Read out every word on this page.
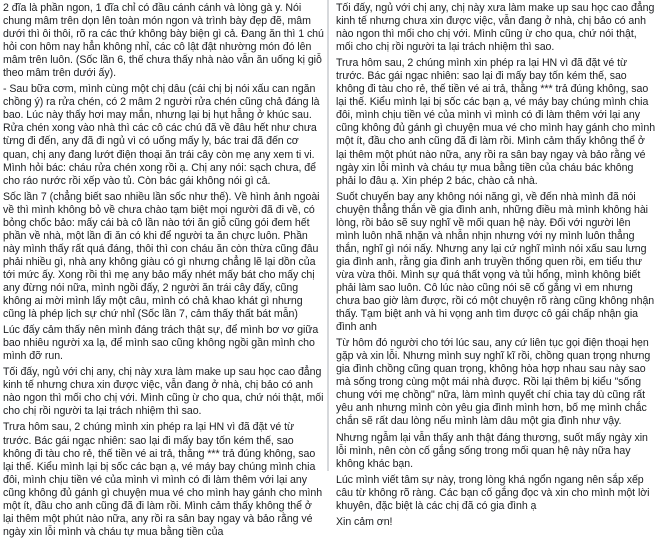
2 đĩa là phần ngon, 1 đĩa chỉ có đầu cánh cánh và lòng gà y. Nói chung mâm trên dọn lên toàn món ngon và trình bày đẹp đẽ, mâm dưới thì ôi thôi, rõ ra các thứ không bày biện gì cả. Đang ăn thì 1 chú hỏi con hôm nay hẳn không nhỉ, các cô lật đật nhường món đó lên mâm trên luôn. (Sốc lần 6, thế chưa thấy nhà nào vẫn ăn uống kị giỗ theo mâm trên dưới ấy).

- Sau bữa cơm, mình cùng một chị dâu (cái chị bị nói xấu can ngăn chồng ý) ra rửa chén, có 2 mâm 2 người rửa chén cũng chả đáng là bao. Lúc này thấy hơi may mắn, nhưng lại bị hụt hẫng ở khúc sau. Rửa chén xong vào nhà thì các cô các chú đã về đâu hết như chưa từng đi đến, any đã đi ngủ vì có uống mấy ly, bác trai đã đến cơ quan, chị any đang lướt điện thoại ăn trái cây còn mẹ any xem ti vi. Mình hỏi bác: cháu rửa chén xong rồi ạ. Chị any nói: sạch chưa, để cho ráo nước rồi xếp vào tủ. Còn bác gái không nói gì cả.

Sốc lần 7 (chẳng biết sao nhiều lần sốc như thế). Về hình ảnh ngoài về thì mình không bỏ về chưa chào tạm biệt mọi người đã đi về, có bỏng chốc bảo: mấy cái bà cô lần nào tới ăn giỗ cũng gói đem hết phần về nhà, một lần đi ăn có khi để người ta ăn chực luôn. Phần này mình thấy rất quá đáng, thôi thì con cháu ăn còn thừa cũng đâu phải nhiều gì, nhà any không giàu có gì nhưng chẳng lẽ lại dồn của tới mức ấy. Xong rồi thì mẹ any bảo mấy nhét mấy bát cho mấy chị any đừng nói nữa, mình ngồi đấy, 2 người ăn trái cây đấy, cũng không ai mời mình lấy một câu, mình có chả khao khát gì nhưng cũng là phép lịch sự chứ nhỉ (Sốc lần 7, cảm thấy thất bát mẫn)

Lúc đấy cảm thấy nên mình đáng trách thật sự, để mình bơ vơ giữa bao nhiêu người xa lạ, để mình sao cũng không ngồi gần mình cho mình đỡ run.

Tối đấy, ngủ với chị any, chị này xưa làm make up sau học cao đẳng kinh tế nhưng chưa xin được việc, vẫn đang ở nhà, chị bảo có anh nào ngon thì mối cho chị với. Mình cũng ừ cho qua, chứ nói thật, mối cho chị rồi người ta lại trách nhiệm thì sao.

Trưa hôm sau, 2 chúng mình xin phép ra lại HN vì đã đặt vé từ trước. Bác gái ngạc nhiên: sao lại đi mấy bay tốn kém thế, sao không đi tàu cho rẻ, thế tiền vé ai trả, thằng *** trả đúng không, sao lại thế. Kiểu mình lại bị sốc các bạn ạ, vé máy bay chúng mình chia đôi, mình chịu tiền vé của mình vì mình có đi làm thêm với lại any cũng không đủ gánh gì chuyện mua vé cho mình hay gánh cho mình một ít, đầu cho anh cũng đã đi làm rồi. Mình cảm thấy không thể ở lại thêm một phút nào nữa, any rồi ra sân bay ngay và bảo rằng vé ngày xin lỗi mình và cháu tự mua bằng tiền của

Tối đấy, ngủ với chị any, chị này xưa làm make up sau học cao đẳng kinh tế nhưng chưa xin được việc, vẫn đang ở nhà, chị bảo có anh nào ngon thì mối cho chị với. Mình cũng ừ cho qua, chứ nói thật, mối cho chị rồi người ta lại trách nhiệm thì sao.

Trưa hôm sau, 2 chúng mình xin phép ra lại HN vì đã đặt vé từ trước. Bác gái ngạc nhiên: sao lại đi mấy bay tốn kém thế, sao không đi tàu cho rẻ, thế tiền vé ai trả, thằng *** trả đúng không, sao lại thế. Kiểu mình lại bị sốc các bạn ạ, vé máy bay chúng mình chia đôi, mình chịu tiền vé của mình vì mình có đi làm thêm với lại any cũng không đủ gánh gì chuyện mua vé cho mình hay gánh cho mình một ít, đầu cho anh cũng đã đi làm rồi. Mình cảm thấy không thể ở lại thêm một phút nào nữa, any rồi ra sân bay ngay và bảo rằng vé ngày xin lỗi mình và cháu tự mua bằng tiền của cháu bác không phải lo đâu ạ. Xin phép 2 bác, chào cả nhà.

Suốt chuyến bay any không nói năng gì, về đến nhà mình đã nói chuyện thẳng thắn về gia đình anh, những điều mà mình không hài lòng, rồi bảo sẽ suy nghĩ về mối quan hệ này. Đối với người lên mình luôn nhã nhặn và nhẫn nhịn nhưng với ny mình luôn thẳng thắn, nghĩ gì nói nấy. Nhưng any lại cứ nghĩ mình nói xấu sau lưng gia đình anh, rằng gia đình anh truyền thống quen rồi, em tiểu thư vừa vừa thôi. Mình sự quá thất vọng và tủi hổng, mình không biết phải làm sao luôn. Cô lúc nào cũng nói sẽ cố gắng vì em nhưng chưa bao giờ làm được, rồi có một chuyện rõ ràng cũng không nhận thấy. Tạm biệt anh và hi vọng anh tìm được cô gái chấp nhận gia đình anh

Từ hôm đó người cho tới lúc sau, any cứ liên tục gọi điện thoại hẹn gặp và xin lỗi. Nhưng mình suy nghĩ kĩ rồi, chồng quan trọng nhưng gia đình chồng cũng quan trọng, không hòa hợp nhau sau này sao mà sống trong cùng một mái nhà được. Rồi lại thêm bị kiểu "sống chung với mẹ chồng" nữa, làm mình quyết chí chia tay dù cũng rất yêu anh nhưng mình còn yêu gia đình mình hơn, bố mẹ mình chắc chắn sẽ rất dau lòng nếu mình làm dâu một gia đình như vậy.

Nhưng ngẫm lại vẫn thấy anh thật đáng thương, suốt mấy ngày xin lỗi mình, nên còn cố gắng sống trong mối quan hệ này nữa hay không khác bạn.

Lúc mình viết tâm sự này, trong lòng khá ngổn ngang nên sắp xếp câu từ không rõ ràng. Các bạn cố gắng đọc và xin cho mình một lời khuyên, đặc biệt là các chị đã có gia đình ạ

Xin cảm ơn!
